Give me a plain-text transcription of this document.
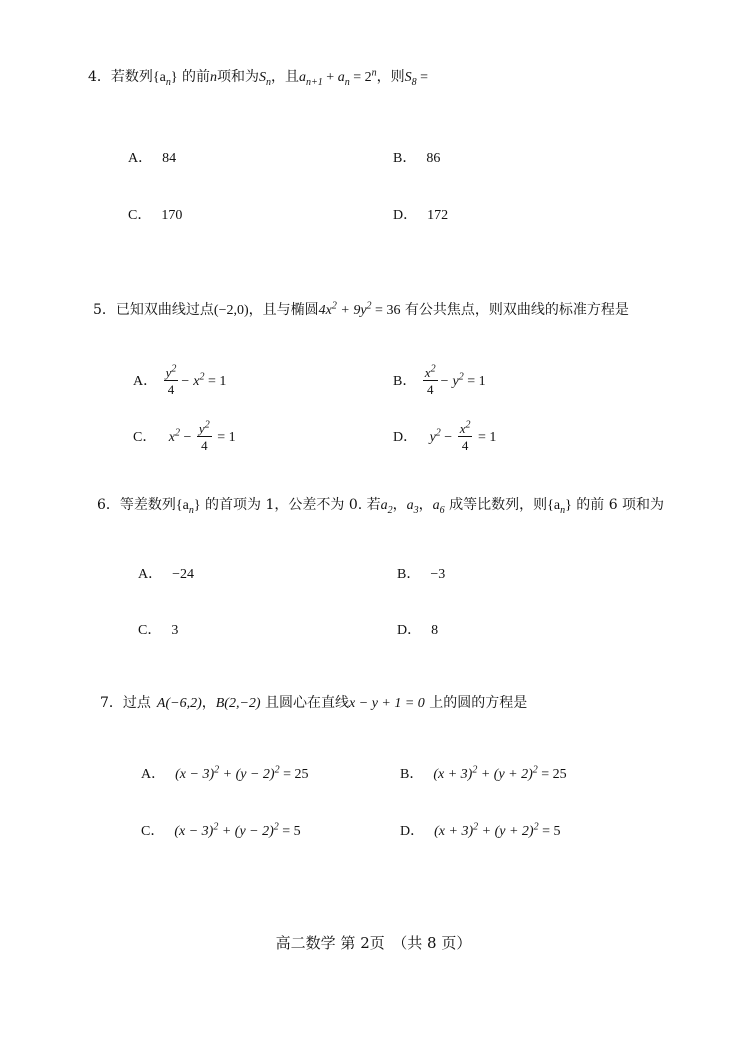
4．若数列$\{a_n\}$ 的前n项和为$S_n$，且$a_{n+1} + a_n = 2^n$，则$S_8$ =
A． 84	B． 86
C． 170	D． 172
5．已知双曲线过点(−2,0)，且与椭圆$4x^2 + 9y^2 = 36$ 有公共焦点，则双曲线的标准方程是
A． $\frac{y^2}{4} - x^2 = 1$	B． $\frac{x^2}{4} - y^2 = 1$
C． $x^2 - \frac{y^2}{4} = 1$	D． $y^2 - \frac{x^2}{4} = 1$
6．等差数列$\{a_n\}$ 的首项为 1，公差不为 0. 若$a_2$，$a_3$，$a_6$ 成等比数列，则$\{a_n\}$ 的前 6 项和为
A． −24	B． −3
C． 3	D． 8
7．过点 A(−6,2)，B(2,−2) 且圆心在直线x − y + 1 = 0 上的圆的方程是
A． $(x - 3)^2 + (y - 2)^2 = 25$	B． $(x + 3)^2 + (y + 2)^2 = 25$
C． $(x - 3)^2 + (y - 2)^2 = 5$	D． $(x + 3)^2 + (y + 2)^2 = 5$
高二数学 第 2页　（共 8 页）
